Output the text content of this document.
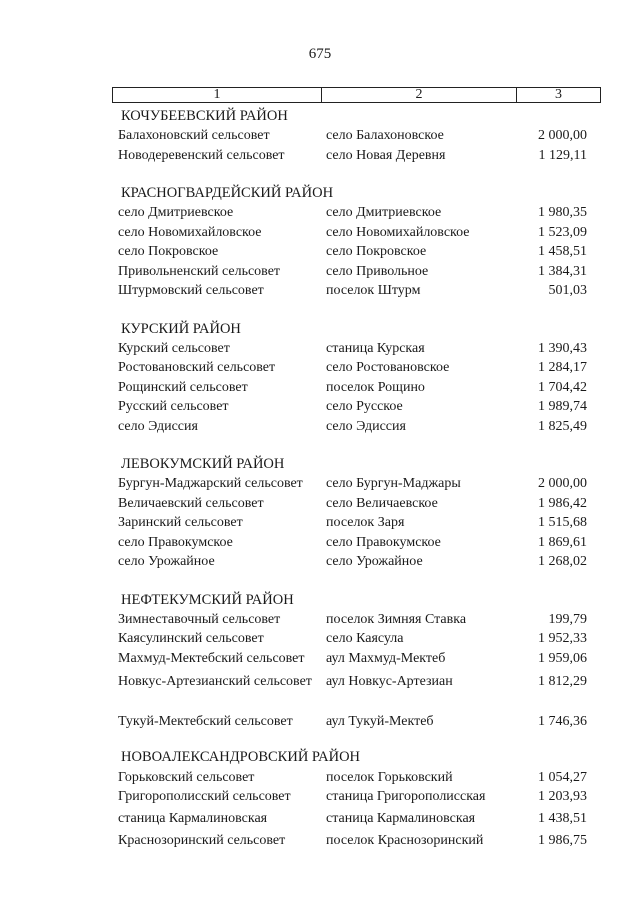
675
1	2	3
КОЧУБЕЕВСКИЙ РАЙОН
Балахоновский сельсовет	село Балахоновское	2 000,00
Новодеревенский сельсовет	село Новая Деревня	1 129,11
КРАСНОГВАРДЕЙСКИЙ РАЙОН
село Дмитриевское	село Дмитриевское	1 980,35
село Новомихайловское	село Новомихайловское	1 523,09
село Покровское	село Покровское	1 458,51
Привольненский сельсовет	село Привольное	1 384,31
Штурмовский сельсовет	поселок Штурм	501,03
КУРСКИЙ РАЙОН
Курский сельсовет	станица Курская	1 390,43
Ростовановский сельсовет	село Ростовановское	1 284,17
Рощинский сельсовет	поселок Рощино	1 704,42
Русский сельсовет	село Русское	1 989,74
село Эдиссия	село Эдиссия	1 825,49
ЛЕВОКУМСКИЙ РАЙОН
Бургун-Маджарский сельсовет село Бургун-Маджары	2 000,00
Величаевский сельсовет	село Величаевское	1 986,42
Заринский сельсовет	поселок Заря	1 515,68
село Правокумское	село Правокумское	1 869,61
село Урожайное	село Урожайное	1 268,02
НЕФТЕКУМСКИЙ РАЙОН
Зимнеставочный сельсовет	поселок Зимняя Ставка	199,79
Каясулинский сельсовет	село Каясула	1 952,33
Махмуд-Мектебский сельсовет аул Махмуд-Мектеб	1 959,06
Новкус-Артезианский сельсовет	аул Новкус-Артезиан	1 812,29
Тукуй-Мектебский сельсовет аул Тукуй-Мектеб	1 746,36
НОВОАЛЕКСАНДРОВСКИЙ РАЙОН
Горьковский сельсовет	поселок Горьковский	1 054,27
Григорополисский сельсовет	станица Григорополисская	1 203,93
станица Кармалиновская	станица Кармалиновская	1 438,51
Краснозоринский сельсовет	поселок Краснозоринский	1 986,75
